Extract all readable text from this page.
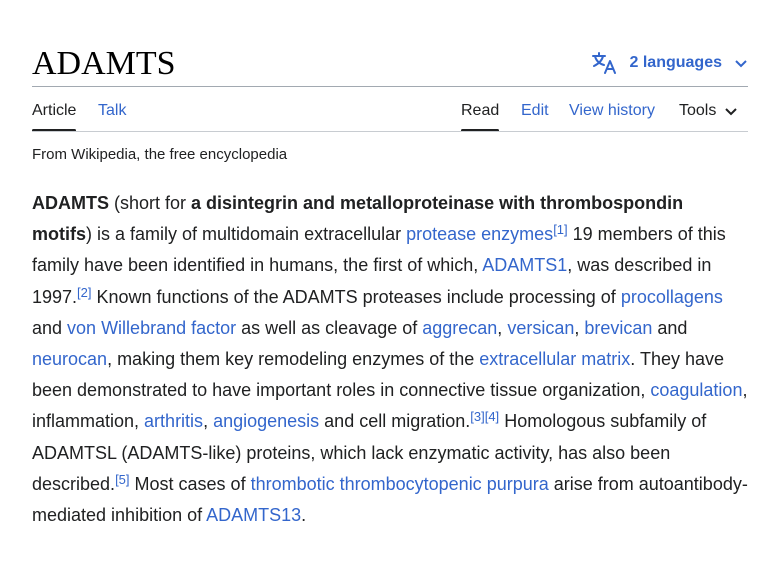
ADAMTS	2 languages
Article Talk	Read Edit View history Tools
From Wikipedia, the free encyclopedia

ADAMTS (short for a disintegrin and metalloproteinase with thrombospondin motifs) is a family of multidomain extracellular protease enzymes[1] 19 members of this family have been identified in humans, the first of which, ADAMTS1, was described in 1997.[2] Known functions of the ADAMTS proteases include processing of procollagens and von Willebrand factor as well as cleavage of aggrecan, versican, brevican and neurocan, making them key remodeling enzymes of the extracellular matrix. They have been demonstrated to have important roles in connective tissue organization, coagulation, inflammation, arthritis, angiogenesis and cell migration.[3][4] Homologous subfamily of ADAMTSL (ADAMTS-like) proteins, which lack enzymatic activity, has also been described.[5] Most cases of thrombotic thrombocytopenic purpura arise from autoantibody-mediated inhibition of ADAMTS13.
